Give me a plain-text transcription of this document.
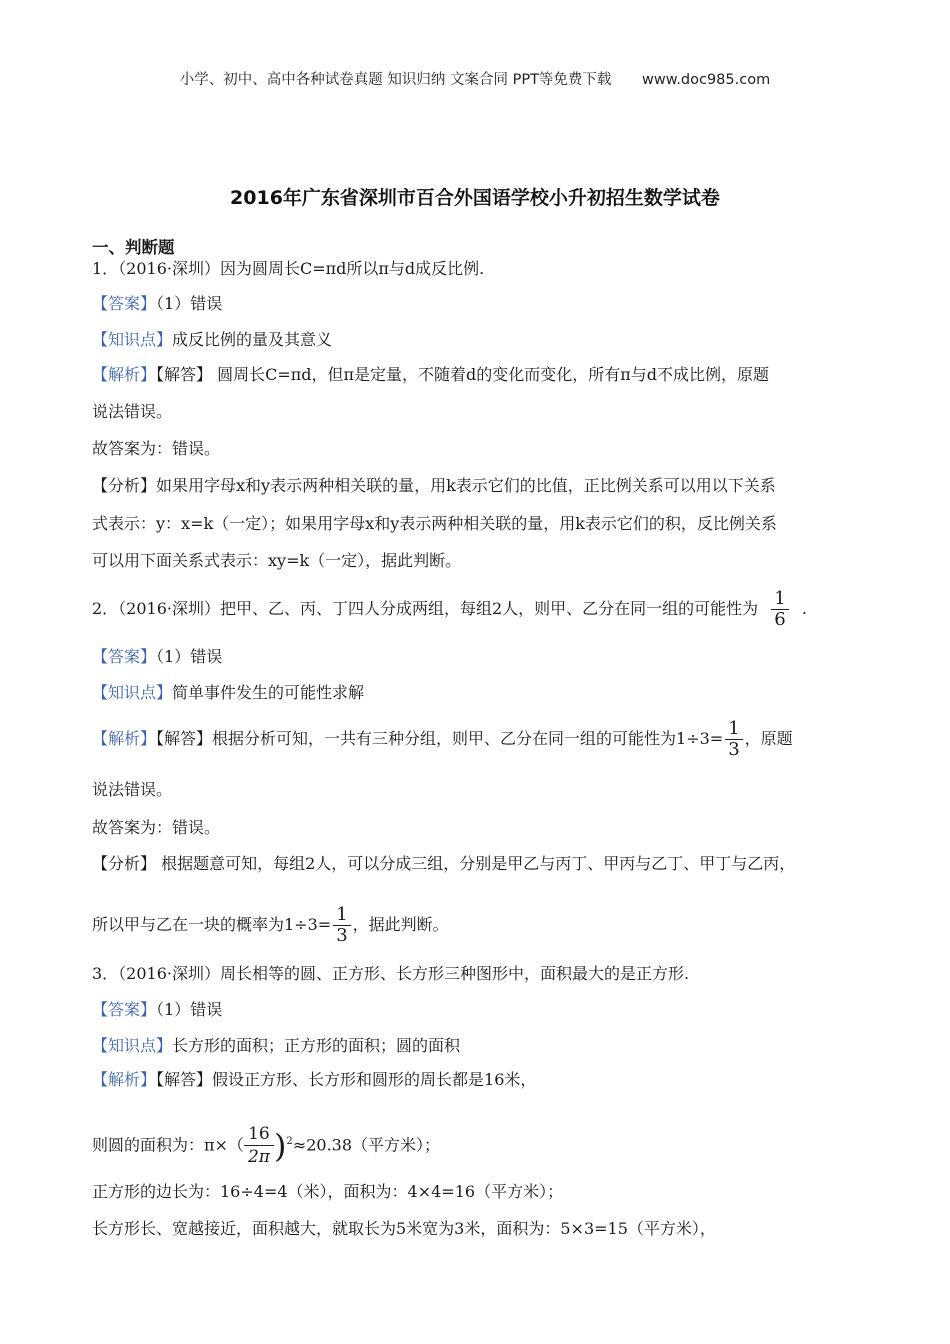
小学、初中、高中各种试卷真题 知识归纳 文案合同 PPT等免费下载 www.doc985.com
2016年广东省深圳市百合外国语学校小升初招生数学试卷
一、判断题
1．（2016·深圳）因为圆周长C=πd所以π与d成反比例.
【答案】（1）错误
【知识点】成反比例的量及其意义
【解析】【解答】 圆周长C=πd，但π是定量，不随着d的变化而变化，所有π与d不成比例，原题
说法错误。
故答案为：错误。
【分析】如果用字母x和y表示两种相关联的量，用k表示它们的比值，正比例关系可以用以下关系
式表示：y：x=k（一定）；如果用字母x和y表示两种相关联的量，用k表示它们的积，反比例关系
可以用下面关系式表示：xy=k（一定），据此判断。
2．（2016·深圳）把甲、乙、丙、丁四人分成两组，每组2人，则甲、乙分在同一组的可能性为 $\frac{1}{6}$ .
【答案】（1）错误
【知识点】简单事件发生的可能性求解
【解析】【解答】根据分析可知，一共有三种分组，则甲、乙分在同一组的可能性为$1\div 3= \frac{1}{3}$ ，原题
说法错误。
故答案为：错误。
【分析】 根据题意可知，每组2人，可以分成三组，分别是甲乙与丙丁、甲丙与乙丁、甲丁与乙丙，
所以甲与乙在一块的概率为$1\div 3= \frac{1}{3}$ ，据此判断。
3．（2016·深圳）周长相等的圆、正方形、长方形三种图形中，面积最大的是正方形.
【答案】（1）错误
【知识点】长方形的面积；正方形的面积；圆的面积
【解析】【解答】假设正方形、长方形和圆形的周长都是16米，
则圆的面积为：$\pi\times( \frac{16}{2\pi} )^2\approx 20.38$（平方米）；
正方形的边长为：16÷4=4（米），面积为：4×4=16（平方米）；
长方形长、宽越接近，面积越大，就取长为5米宽为3米，面积为：5×3=15（平方米），
